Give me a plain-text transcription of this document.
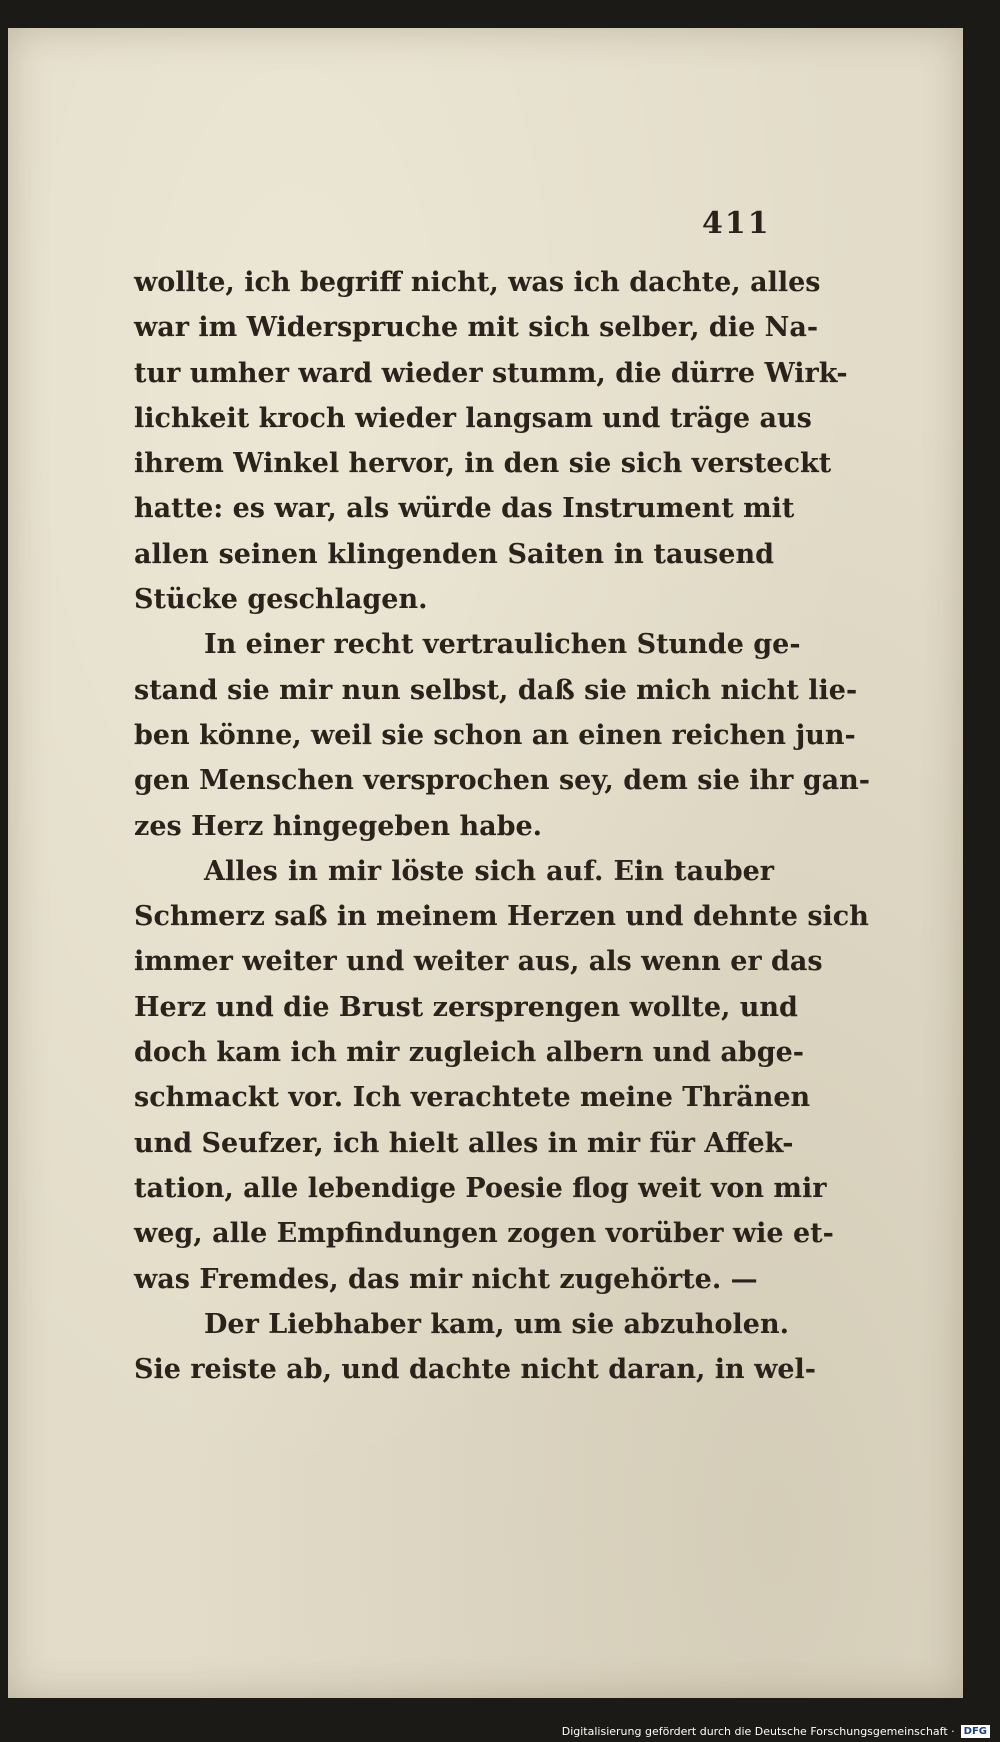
411
wollte, ich begriff nicht, was ich dachte, alles
war im Widerspruche mit sich selber, die Na-
tur umher ward wieder stumm, die dürre Wirk-
lichkeit kroch wieder langsam und träge aus
ihrem Winkel hervor, in den sie sich versteckt
hatte: es war, als würde das Instrument mit
allen seinen klingenden Saiten in tausend
Stücke geschlagen.
In einer recht vertraulichen Stunde ge-
stand sie mir nun selbst, daß sie mich nicht lie-
ben könne, weil sie schon an einen reichen jun-
gen Menschen versprochen sey, dem sie ihr gan-
zes Herz hingegeben habe.
Alles in mir löste sich auf. Ein tauber
Schmerz saß in meinem Herzen und dehnte sich
immer weiter und weiter aus, als wenn er das
Herz und die Brust zersprengen wollte, und
doch kam ich mir zugleich albern und abge-
schmackt vor. Ich verachtete meine Thränen
und Seufzer, ich hielt alles in mir für Affek-
tation, alle lebendige Poesie flog weit von mir
weg, alle Empfindungen zogen vorüber wie et-
was Fremdes, das mir nicht zugehörte. —
Der Liebhaber kam, um sie abzuholen.
Sie reiste ab, und dachte nicht daran, in wel-
Digitalisierung gefördert durch die Deutsche Forschungsgemeinschaft · DFG
